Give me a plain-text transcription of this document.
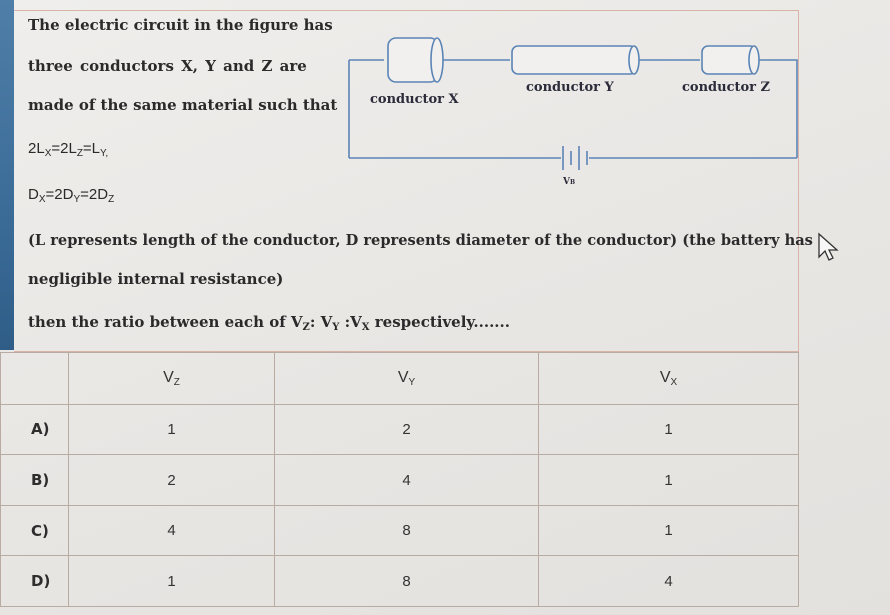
The electric circuit in the figure has
three conductors X, Y and Z are
made of the same material such that
$2L_X=2L_Z=L_{Y,}$
$D_X=2D_Y=2D_Z$
(L represents length of the conductor, D represents diameter of the conductor) (the battery has
negligible internal resistance)
then the ratio between each of $V_Z$: $V_Y$ $:V_X$ respectively.......
conductor X
conductor Y	conductor Z
VB
	$V_Z$	$V_Y$	$V_X$
A)	1	2	1
B)	2	4	1
C)	4	8	1
D)	1	8	4
